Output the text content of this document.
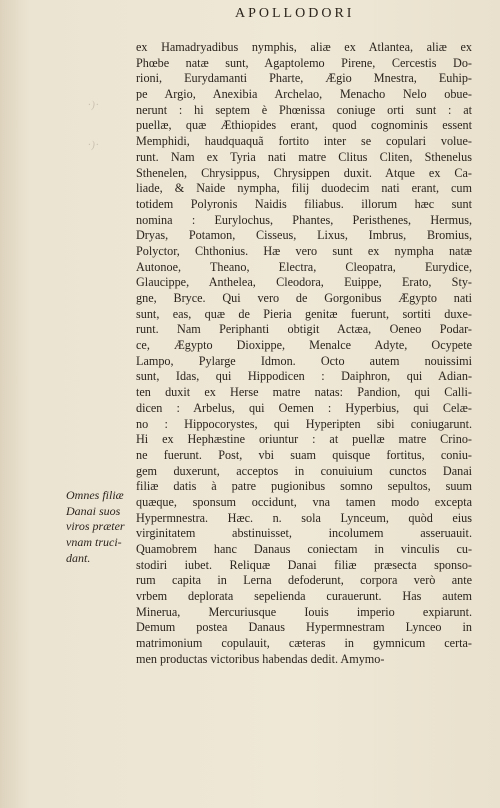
APOLLODORI
·)·
·)·
ex Hamadryadibus nymphis, aliæ ex Atlantea, aliæ ex
Phœbe natæ sunt, Agaptolemo Pirene, Cercestis Do-
rioni, Eurydamanti Pharte, Ægio Mnestra, Euhip-
pe Argio, Anexibia Archelao, Menacho Nelo obue-
nerunt : hi septem è Phœnissa coniuge orti sunt : at
puellæ, quæ Æthiopides erant, quod cognominis essent
Memphidi, haudquaquã fortito inter se copulari volue-
runt. Nam ex Tyria nati matre Clitus Cliten, Sthenelus
Sthenelen, Chrysippus, Chrysippen duxit. Atque ex Ca-
liade, & Naide nympha, filij duodecim nati erant, cum
totidem Polyronis Naidis filiabus. illorum hæc sunt
nomina : Eurylochus, Phantes, Peristhenes, Hermus,
Dryas, Potamon, Cisseus, Lixus, Imbrus, Bromius,
Polyctor, Chthonius. Hæ vero sunt ex nympha natæ
Autonoe, Theano, Electra, Cleopatra, Eurydice,
Glaucippe, Anthelea, Cleodora, Euippe, Erato, Sty-
gne, Bryce. Qui vero de Gorgonibus Ægypto nati
sunt, eas, quæ de Pieria genitæ fuerunt, sortiti duxe-
runt. Nam Periphanti obtigit Actæa, Oeneo Podar-
ce, Ægypto Dioxippe, Menalce Adyte, Ocypete
Lampo, Pylarge Idmon. Octo autem nouissimi
sunt, Idas, qui Hippodicen : Daiphron, qui Adian-
ten duxit ex Herse matre natas: Pandion, qui Calli-
dicen : Arbelus, qui Oemen : Hyperbius, qui Celæ-
no : Hippocorystes, qui Hyperipten sibi coniugarunt.
Hi ex Hephæstine oriuntur : at puellæ matre Crino-
ne fuerunt. Post, vbi suam quisque fortitus, coniu-
gem duxerunt, acceptos in conuiuium cunctos Danai
filiæ datis à patre pugionibus somno sepultos, suum
quæque, sponsum occidunt, vna tamen modo excepta
Hypermnestra. Hæc. n. sola Lynceum, quòd eius
virginitatem abstinuisset, incolumem asseruauit.
Quamobrem hanc Danaus coniectam in vinculis cu-
stodiri iubet. Reliquæ Danai filiæ præsecta sponso-
rum capita in Lerna defoderunt, corpora verò ante
vrbem deplorata sepelienda curauerunt. Has autem
Minerua, Mercuriusque Iouis imperio expiarunt.
Demum postea Danaus Hypermnestram Lynceo in
matrimonium copulauit, cæteras in gymnicum certa-
men productas victoribus habendas dedit. Amymo-
Omnes filiæ
Danai suos
viros præter
vnam truci-
dant.
